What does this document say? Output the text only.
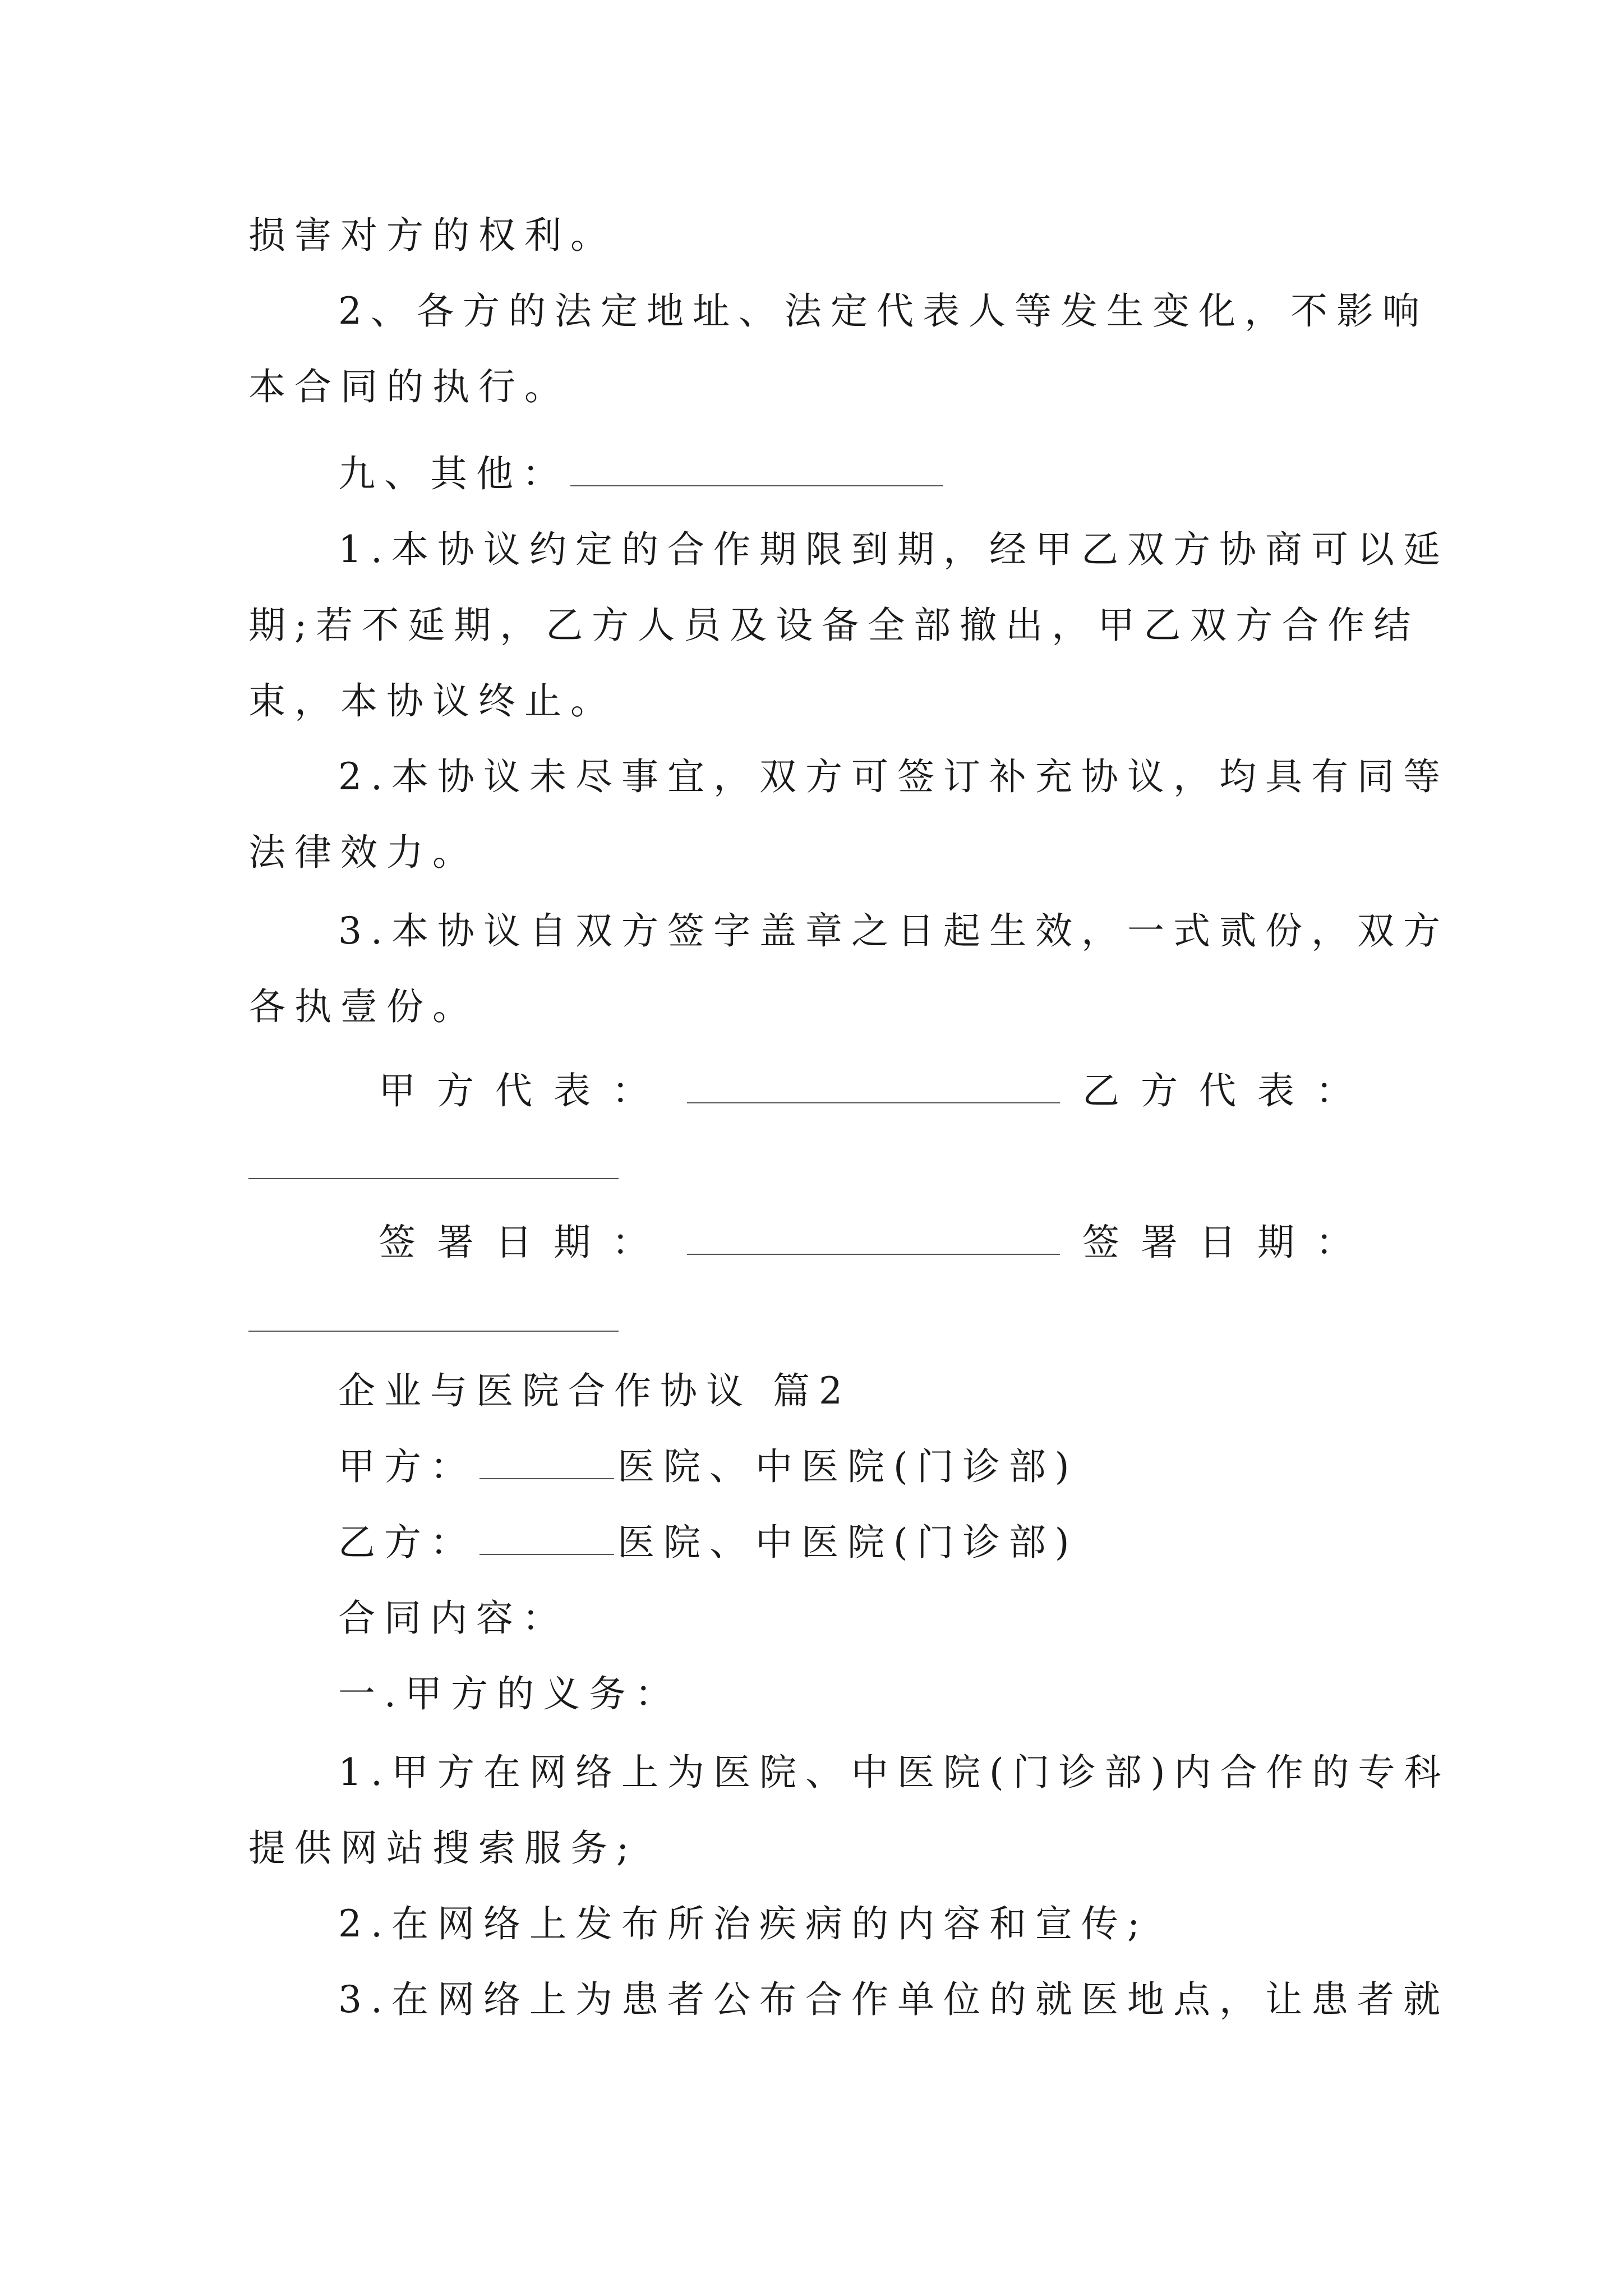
损害对方的权利。
2、各方的法定地址、法定代表人等发生变化，不影响
本合同的执行。
九、其他：
1.本协议约定的合作期限到期，经甲乙双方协商可以延
期;若不延期，乙方人员及设备全部撤出，甲乙双方合作结
束，本协议终止。
2.本协议未尽事宜，双方可签订补充协议，均具有同等
法律效力。
3.本协议自双方签字盖章之日起生效，一式贰份，双方
各执壹份。
甲方代表：	乙方代表：
签署日期：	签署日期：
企业与医院合作协议 篇2
甲方：	医院、中医院(门诊部)
乙方：	医院、中医院(门诊部)
合同内容：
一.甲方的义务：
1.甲方在网络上为医院、中医院(门诊部)内合作的专科
提供网站搜索服务;
2.在网络上发布所治疾病的内容和宣传;
3.在网络上为患者公布合作单位的就医地点，让患者就
